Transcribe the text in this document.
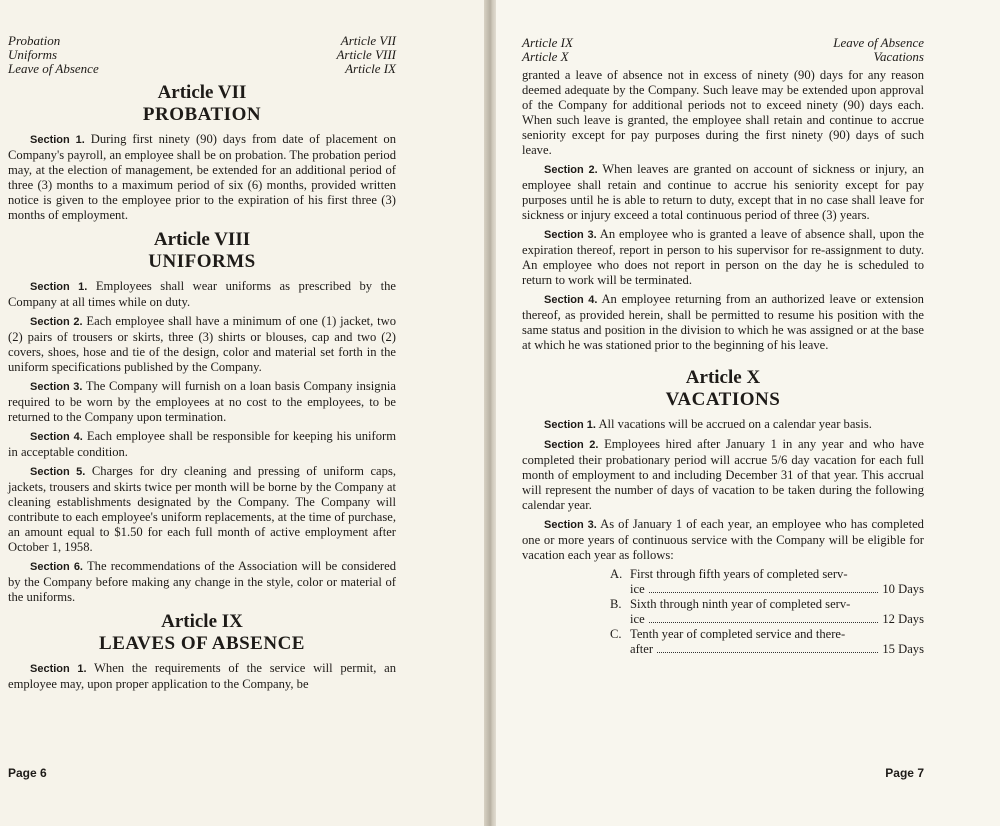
Probation
Uniforms
Leave of Absence
Article VII
Article VIII
Article IX
Article VII
PROBATION

Section 1. During first ninety (90) days from date of placement on Company's payroll, an employee shall be on probation. The probation period may, at the election of management, be extended for an additional period of three (3) months to a maximum period of six (6) months, provided written notice is given to the employee prior to the expiration of his first three (3) months of employment.

Article VIII
UNIFORMS

Section 1. Employees shall wear uniforms as prescribed by the Company at all times while on duty.

Section 2. Each employee shall have a minimum of one (1) jacket, two (2) pairs of trousers or skirts, three (3) shirts or blouses, cap and two (2) covers, shoes, hose and tie of the design, color and material set forth in the uniform specifications published by the Company.

Section 3. The Company will furnish on a loan basis Company insignia required to be worn by the employees at no cost to the employees, to be returned to the Company upon termination.

Section 4. Each employee shall be responsible for keeping his uniform in acceptable condition.

Section 5. Charges for dry cleaning and pressing of uniform caps, jackets, trousers and skirts twice per month will be borne by the Company at cleaning establishments designated by the Company. The Company will contribute to each employee's uniform replacements, at the time of purchase, an amount equal to $1.50 for each full month of active employment after October 1, 1958.

Section 6. The recommendations of the Association will be considered by the Company before making any change in the style, color or material of the uniforms.

Article IX
LEAVES OF ABSENCE

Section 1. When the requirements of the service will permit, an employee may, upon proper application to the Company, be

Page 6
Article IX
Article X
Leave of Absence
Vacations

granted a leave of absence not in excess of ninety (90) days for any reason deemed adequate by the Company. Such leave may be extended upon approval of the Company for additional periods not to exceed ninety (90) days each. When such leave is granted, the employee shall retain and continue to accrue seniority except for pay purposes during the first ninety (90) days of such leave.

Section 2. When leaves are granted on account of sickness or injury, an employee shall retain and continue to accrue his seniority except for pay purposes until he is able to return to duty, except that in no case shall leave for sickness or injury exceed a total continuous period of three (3) years.

Section 3. An employee who is granted a leave of absence shall, upon the expiration thereof, report in person to his supervisor for re-assignment to duty. An employee who does not report in person on the day he is scheduled to return to work will be terminated.

Section 4. An employee returning from an authorized leave or extension thereof, as provided herein, shall be permitted to resume his position with the same status and position in the division to which he was assigned or at the base at which he was stationed prior to the beginning of his leave.

Article X
VACATIONS

Section 1. All vacations will be accrued on a calendar year basis.

Section 2. Employees hired after January 1 in any year and who have completed their probationary period will accrue 5/6 day vacation for each full month of employment to and including December 31 of that year. This accrual will represent the number of days of vacation to be taken during the following calendar year.

Section 3. As of January 1 of each year, an employee who has completed one or more years of continuous service with the Company will be eligible for vacation each year as follows:

A. First through fifth years of completed serv-
ice	10 Days
B. Sixth through ninth year of completed serv-
ice	12 Days
C. Tenth year of completed service and there-
after	15 Days
Page 7
